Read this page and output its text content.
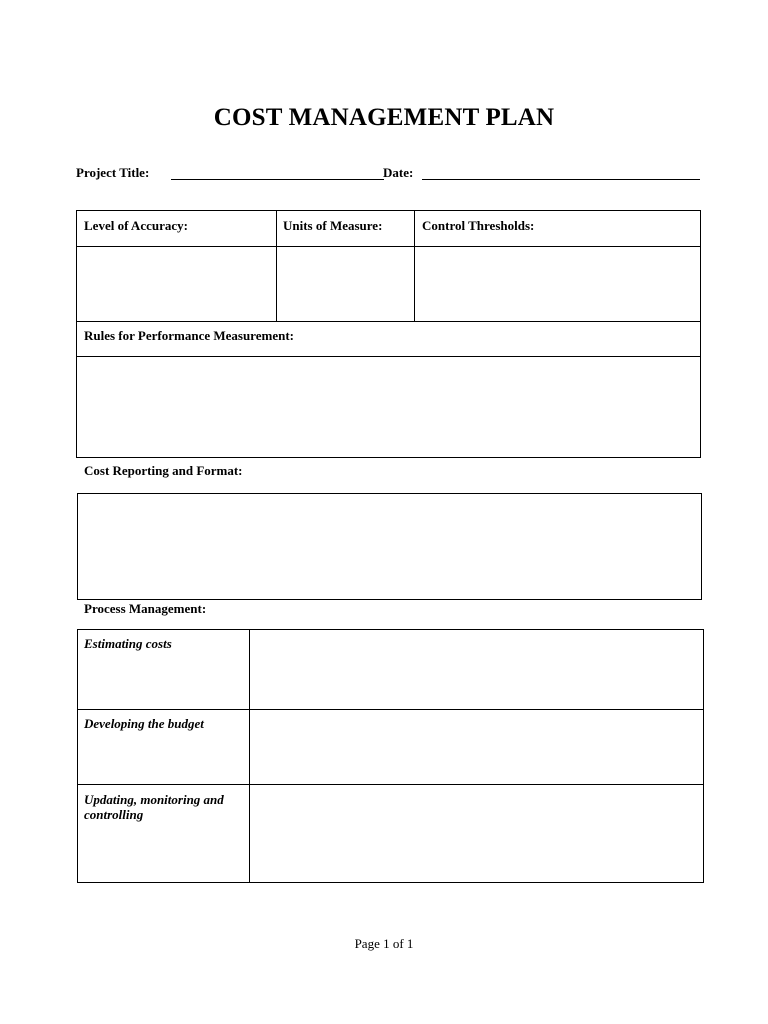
COST MANAGEMENT PLAN
Project Title:	Date:
Level of Accuracy:	Units of Measure:	Control Thresholds:
Rules for Performance Measurement:
Cost Reporting and Format:
Process Management:
Estimating costs
Developing the budget
Updating, monitoring and controlling
Page 1 of 1
